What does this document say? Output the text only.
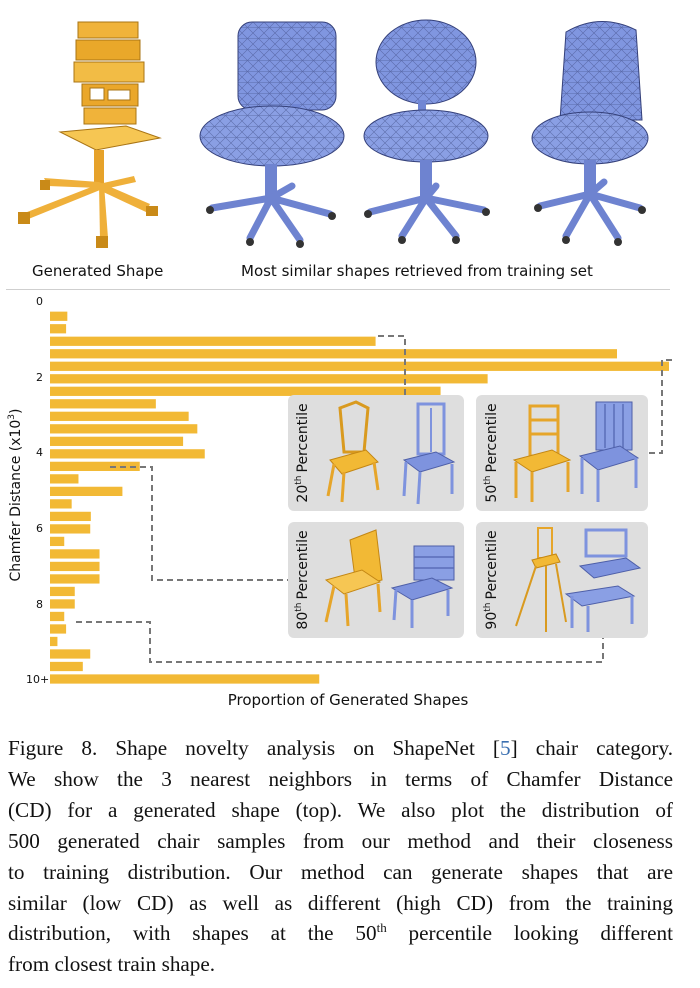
Generated Shape	Most similar shapes retrieved from training set
Chamfer Distance $(x10^3)$
0
2
4
6
8
10+
20thPercentile
50thPercentile
80thPercentile
90thPercentile
Proportion of Generated Shapes
Figure 8. Shape novelty analysis on ShapeNet [5] chair category.
We show the 3 nearest neighbors in terms of Chamfer Distance
(CD) for a generated shape (top). We also plot the distribution of
500 generated chair samples from our method and their closeness
to training distribution. Our method can generate shapes that are
similar (low CD) as well as different (high CD) from the training
distribution, with shapes at the 50th percentile looking different
from closest train shape.
